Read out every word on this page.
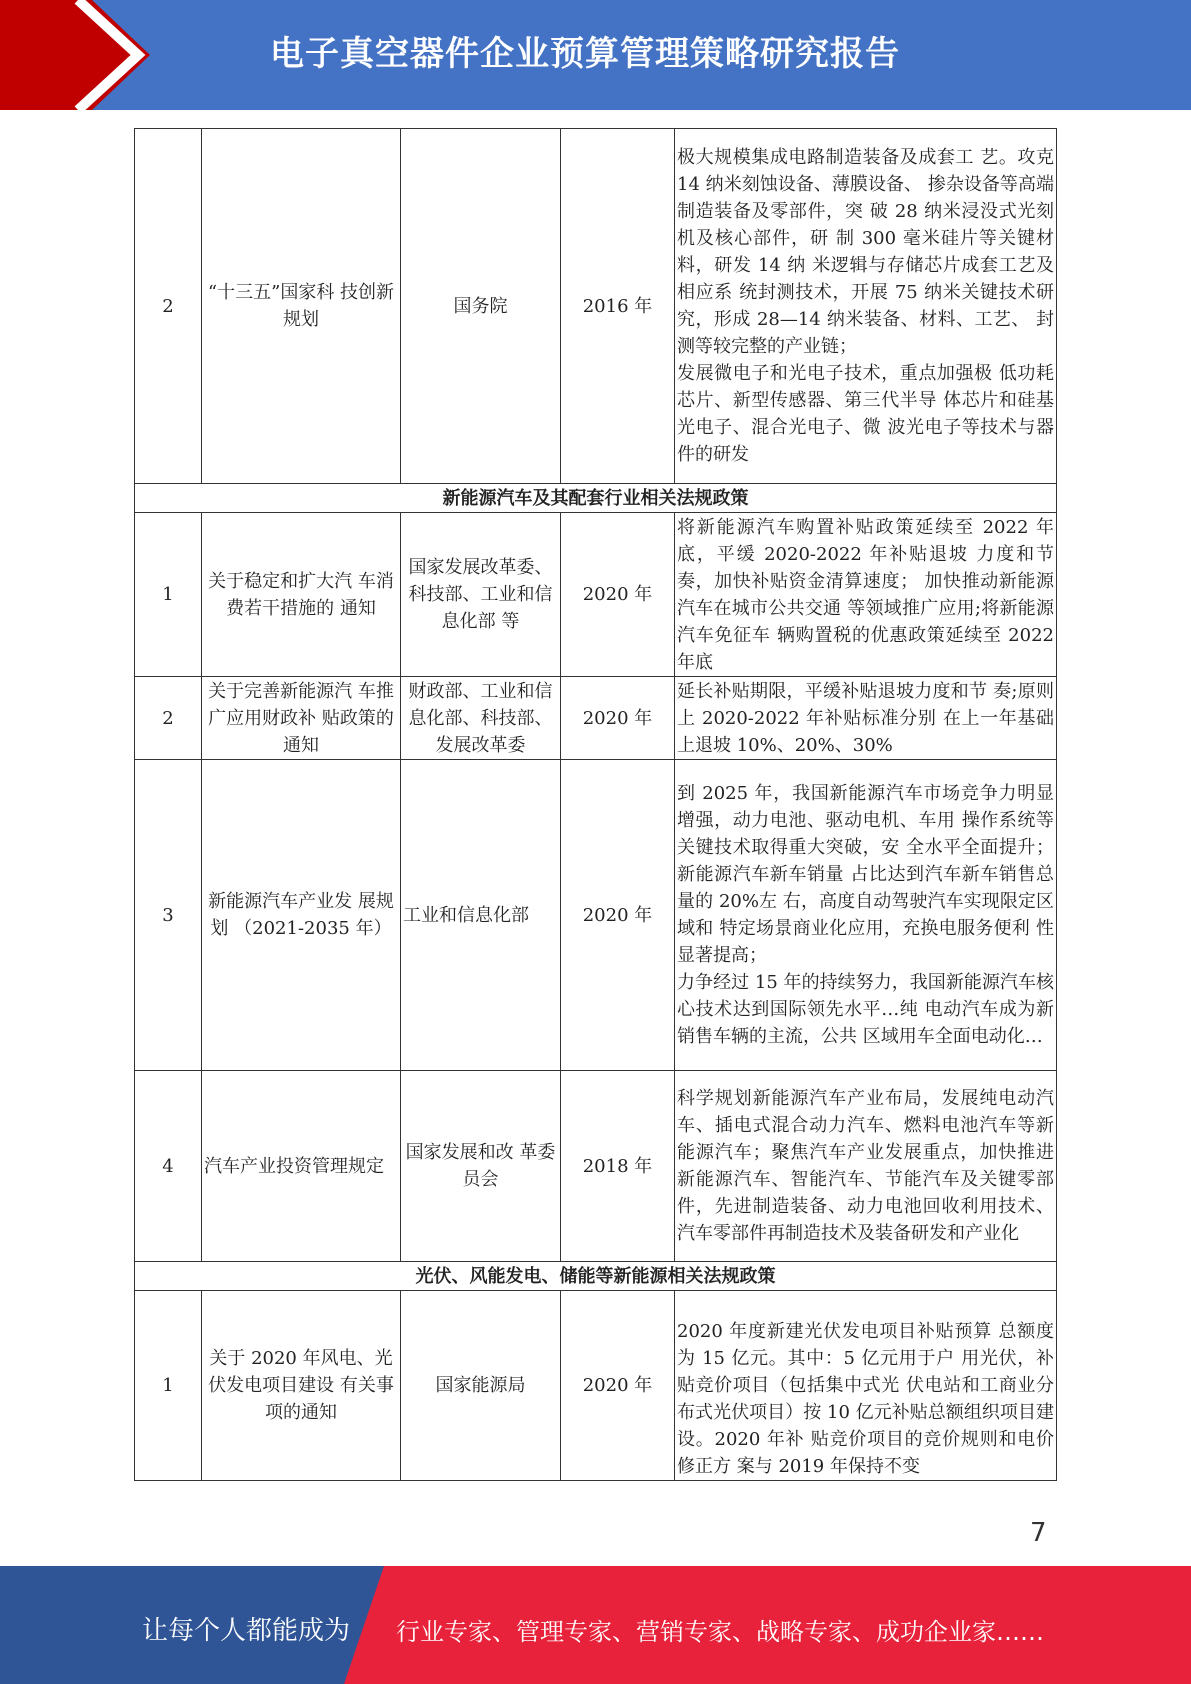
电子真空器件企业预算管理策略研究报告
2	“十三五”国家科 技创新规划	国务院	2016 年	极大规模集成电路制造装备及成套工 艺。攻克 14 纳米刻蚀设备、薄膜设备、 掺杂设备等高端制造装备及零部件，突 破 28 纳米浸没式光刻机及核心部件，研 制 300 毫米硅片等关键材料，研发 14 纳 米逻辑与存储芯片成套工艺及相应系 统封测技术，开展 75 纳米关键技术研 究，形成 28—14 纳米装备、材料、工艺、 封测等较完整的产业链；

发展微电子和光电子技术，重点加强极 低功耗芯片、新型传感器、第三代半导 体芯片和硅基光电子、混合光电子、微 波光电子等技术与器件的研发

新能源汽车及其配套行业相关法规政策				
1	关于稳定和扩大汽 车消费若干措施的 通知	国家发展改革委、科技部、工业和信息化部 等	2020 年	将新能源汽车购置补贴政策延续至 2022 年底，平缓 2020-2022 年补贴退坡 力度和节奏，加快补贴资金清算速度； 加快推动新能源汽车在城市公共交通 等领域推广应用;将新能源汽车免征车 辆购置税的优惠政策延续至 2022 年底

2	关于完善新能源汽 车推广应用财政补 贴政策的通知	财政部、工业和信息化部、科技部、发展改革委	2020 年	延长补贴期限，平缓补贴退坡力度和节 奏;原则上 2020-2022 年补贴标准分别 在上一年基础上退坡 10%、20%、30%

3	新能源汽车产业发 展规划 （2021-2035 年）	工业和信息化部	2020 年	到 2025 年，我国新能源汽车市场竞争力明显增强，动力电池、驱动电机、车用 操作系统等关键技术取得重大突破，安 全水平全面提升；新能源汽车新车销量 占比达到汽车新车销售总量的 20%左 右，高度自动驾驶汽车实现限定区域和 特定场景商业化应用，充换电服务便利 性显著提高；

力争经过 15 年的持续努力，我国新能源汽车核心技术达到国际领先水平…纯 电动汽车成为新销售车辆的主流，公共 区域用车全面电动化…

4	汽车产业投资管理规定	国家发展和改 革委员会	2018 年	科学规划新能源汽车产业布局，发展纯电动汽车、插电式混合动力汽车、燃料电池汽车等新能源汽车；聚焦汽车产业发展重点，加快推进新能源汽车、智能汽车、节能汽车及关键零部件，先进制造装备、动力电池回收利用技术、汽车零部件再制造技术及装备研发和产业化

光伏、风能发电、储能等新能源相关法规政策				
1	关于 2020 年风电、光伏发电项目建设 有关事项的通知	国家能源局	2020 年	2020 年度新建光伏发电项目补贴预算 总额度为 15 亿元。其中：5 亿元用于户 用光伏，补贴竞价项目（包括集中式光 伏电站和工商业分布式光伏项目）按 10 亿元补贴总额组织项目建设。2020 年补 贴竞价项目的竞价规则和电价修正方 案与 2019 年保持不变

7
让每个人都能成为 行业专家、管理专家、营销专家、战略专家、成功企业家……
